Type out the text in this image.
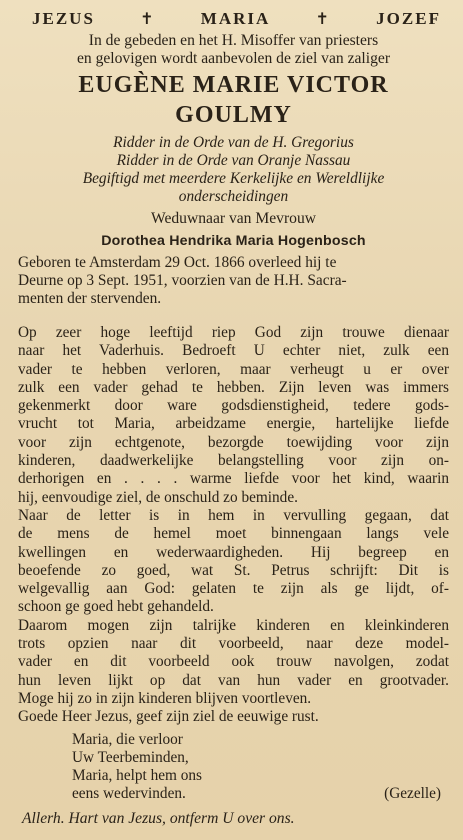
JEZUS	✝	MARIA	✝	JOZEF
In de gebeden en het H. Misoffer van priesters
en gelovigen wordt aanbevolen de ziel van zaliger
EUGÈNE MARIE VICTOR GOULMY
Ridder in de Orde van de H. Gregorius
Ridder in de Orde van Oranje Nassau
Begiftigd met meerdere Kerkelijke en Wereldlijke
onderscheidingen
Weduwnaar van Mevrouw
Dorothea Hendrika Maria Hogenbosch
Geboren te Amsterdam 29 Oct. 1866 overleed hij te
Deurne op 3 Sept. 1951, voorzien van de H.H. Sacra-
menten der stervenden.
Op zeer hoge leeftijd riep God zijn trouwe dienaar
naar het Vaderhuis. Bedroeft U echter niet, zulk een
vader te hebben verloren, maar verheugt u er over
zulk een vader gehad te hebben. Zijn leven was immers
gekenmerkt door ware godsdienstigheid, tedere gods-
vrucht tot Maria, arbeidzame energie, hartelijke liefde
voor zijn echtgenote, bezorgde toewijding voor zijn
kinderen, daadwerkelijke belangstelling voor zijn on-
derhorigen en . . . . warme liefde voor het kind, waarin
hij, eenvoudige ziel, de onschuld zo beminde.
Naar de letter is in hem in vervulling gegaan, dat
de mens de hemel moet binnengaan langs vele
kwellingen en wederwaardigheden. Hij begreep en
beoefende zo goed, wat St. Petrus schrijft: Dit is
welgevallig aan God: gelaten te zijn als ge lijdt, of-
schoon ge goed hebt gehandeld.
Daarom mogen zijn talrijke kinderen en kleinkinderen
trots opzien naar dit voorbeeld, naar deze model-
vader en dit voorbeeld ook trouw navolgen, zodat
hun leven lijkt op dat van hun vader en grootvader.
Moge hij zo in zijn kinderen blijven voortleven.
Goede Heer Jezus, geef zijn ziel de eeuwige rust.
Maria, die verloor
Uw Teerbeminden,
Maria, helpt hem ons
eens wedervinden.	(Gezelle)
Allerh. Hart van Jezus, ontferm U over ons.
